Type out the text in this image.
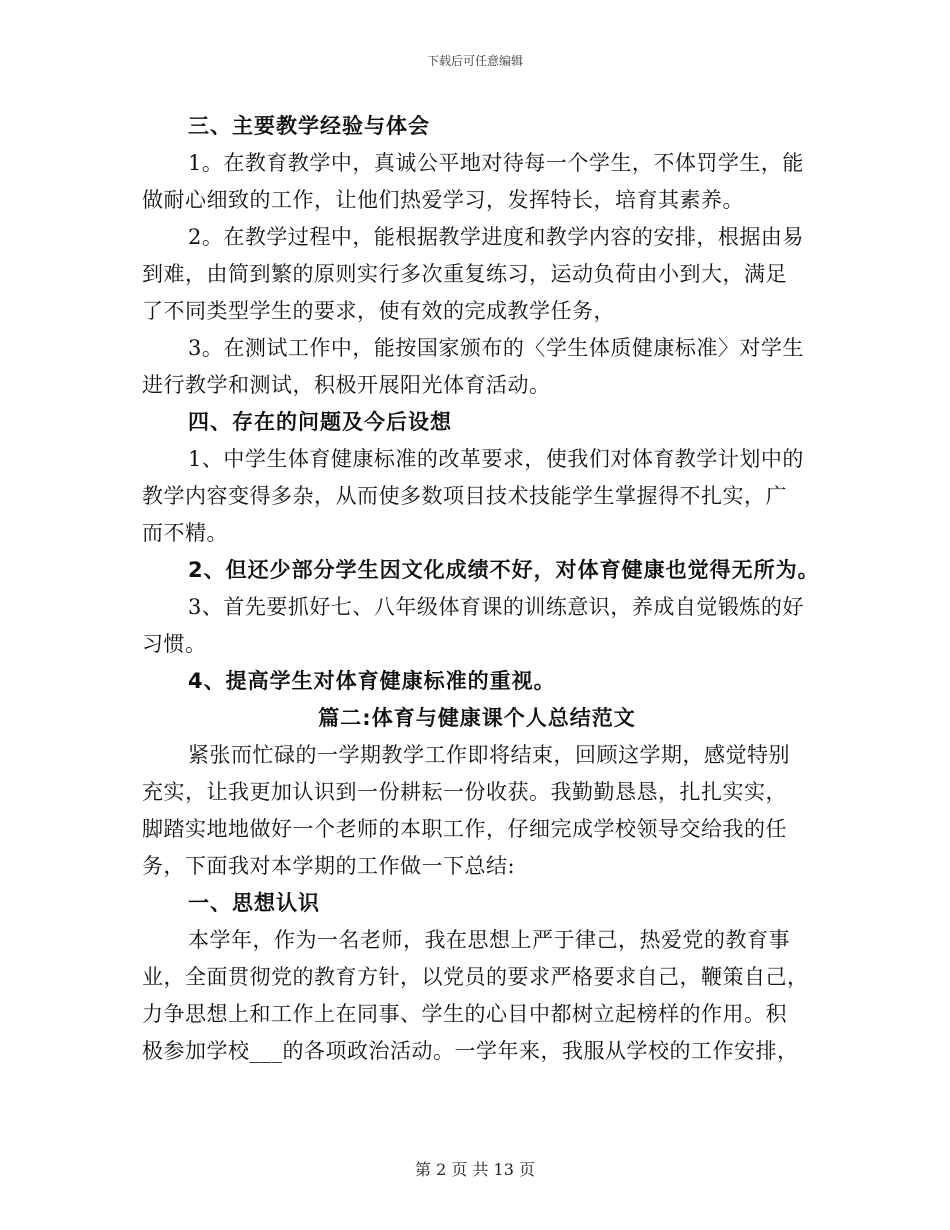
下载后可任意编辑
三、主要教学经验与体会
1。在教育教学中，真诚公平地对待每一个学生，不体罚学生，能
做耐心细致的工作，让他们热爱学习，发挥特长，培育其素养。
2。在教学过程中，能根据教学进度和教学内容的安排，根据由易
到难，由简到繁的原则实行多次重复练习，运动负荷由小到大，满足
了不同类型学生的要求，使有效的完成教学任务，
3。在测试工作中，能按国家颁布的〈学生体质健康标准〉对学生
进行教学和测试，积极开展阳光体育活动。
四、存在的问题及今后设想
1、中学生体育健康标准的改革要求，使我们对体育教学计划中的
教学内容变得多杂，从而使多数项目技术技能学生掌握得不扎实，广
而不精。
2、但还少部分学生因文化成绩不好，对体育健康也觉得无所为。
3、首先要抓好七、八年级体育课的训练意识，养成自觉锻炼的好
习惯。
4、提高学生对体育健康标准的重视。
篇二:体育与健康课个人总结范文
紧张而忙碌的一学期教学工作即将结束，回顾这学期，感觉特别
充实，让我更加认识到一份耕耘一份收获。我勤勤恳恳，扎扎实实，
脚踏实地地做好一个老师的本职工作，仔细完成学校领导交给我的任
务，下面我对本学期的工作做一下总结:
一、思想认识
本学年，作为一名老师，我在思想上严于律己，热爱党的教育事
业，全面贯彻党的教育方针，以党员的要求严格要求自己，鞭策自己，
力争思想上和工作上在同事、学生的心目中都树立起榜样的作用。积
极参加学校___的各项政治活动。一学年来，我服从学校的工作安排，
第 2 页 共 13 页
